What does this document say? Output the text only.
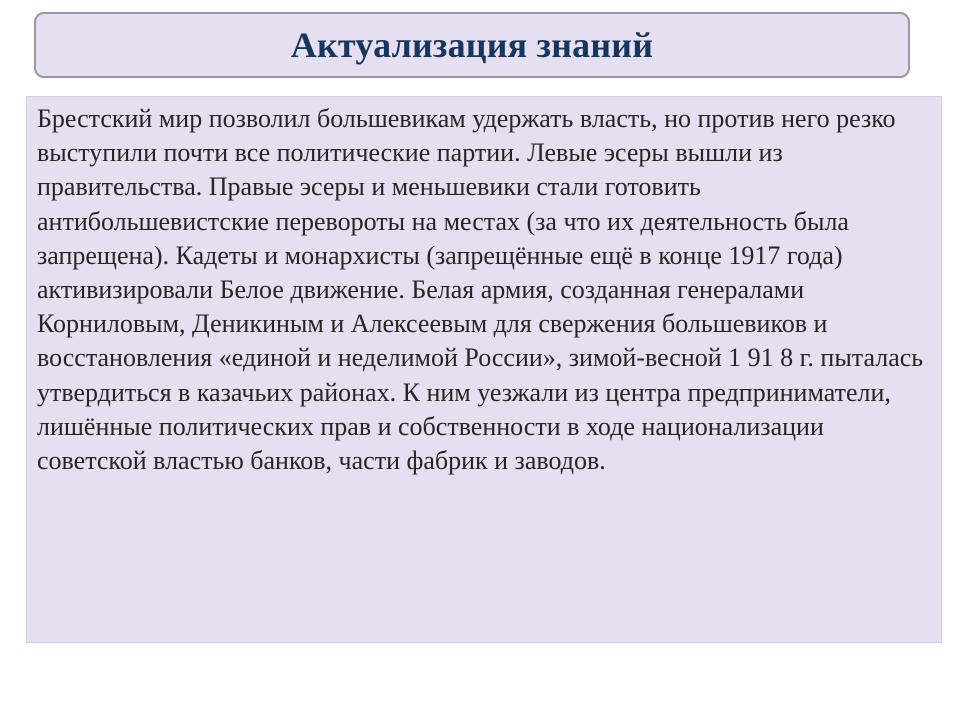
Актуализация знаний

Брестский мир позволил большевикам удержать власть, но против него резко выступили почти все политические партии. Левые эсеры вышли из правительства. Правые эсеры и меньшевики стали готовить антибольшевистские перевороты на местах (за что их деятельность была запрещена). Кадеты и монархисты (запрещённые ещё в конце 1917 года) активизировали Белое движение. Белая армия, созданная генералами Корниловым, Деникиным и Алексеевым для свержения большевиков и восстановления «единой и неделимой России», зимой-весной 1 91 8 г. пыталась утвердиться в казачьих районах. К ним уезжали из центра предприниматели, лишённые политических прав и собственности в ходе национализации советской властью банков, части фабрик и заводов.
